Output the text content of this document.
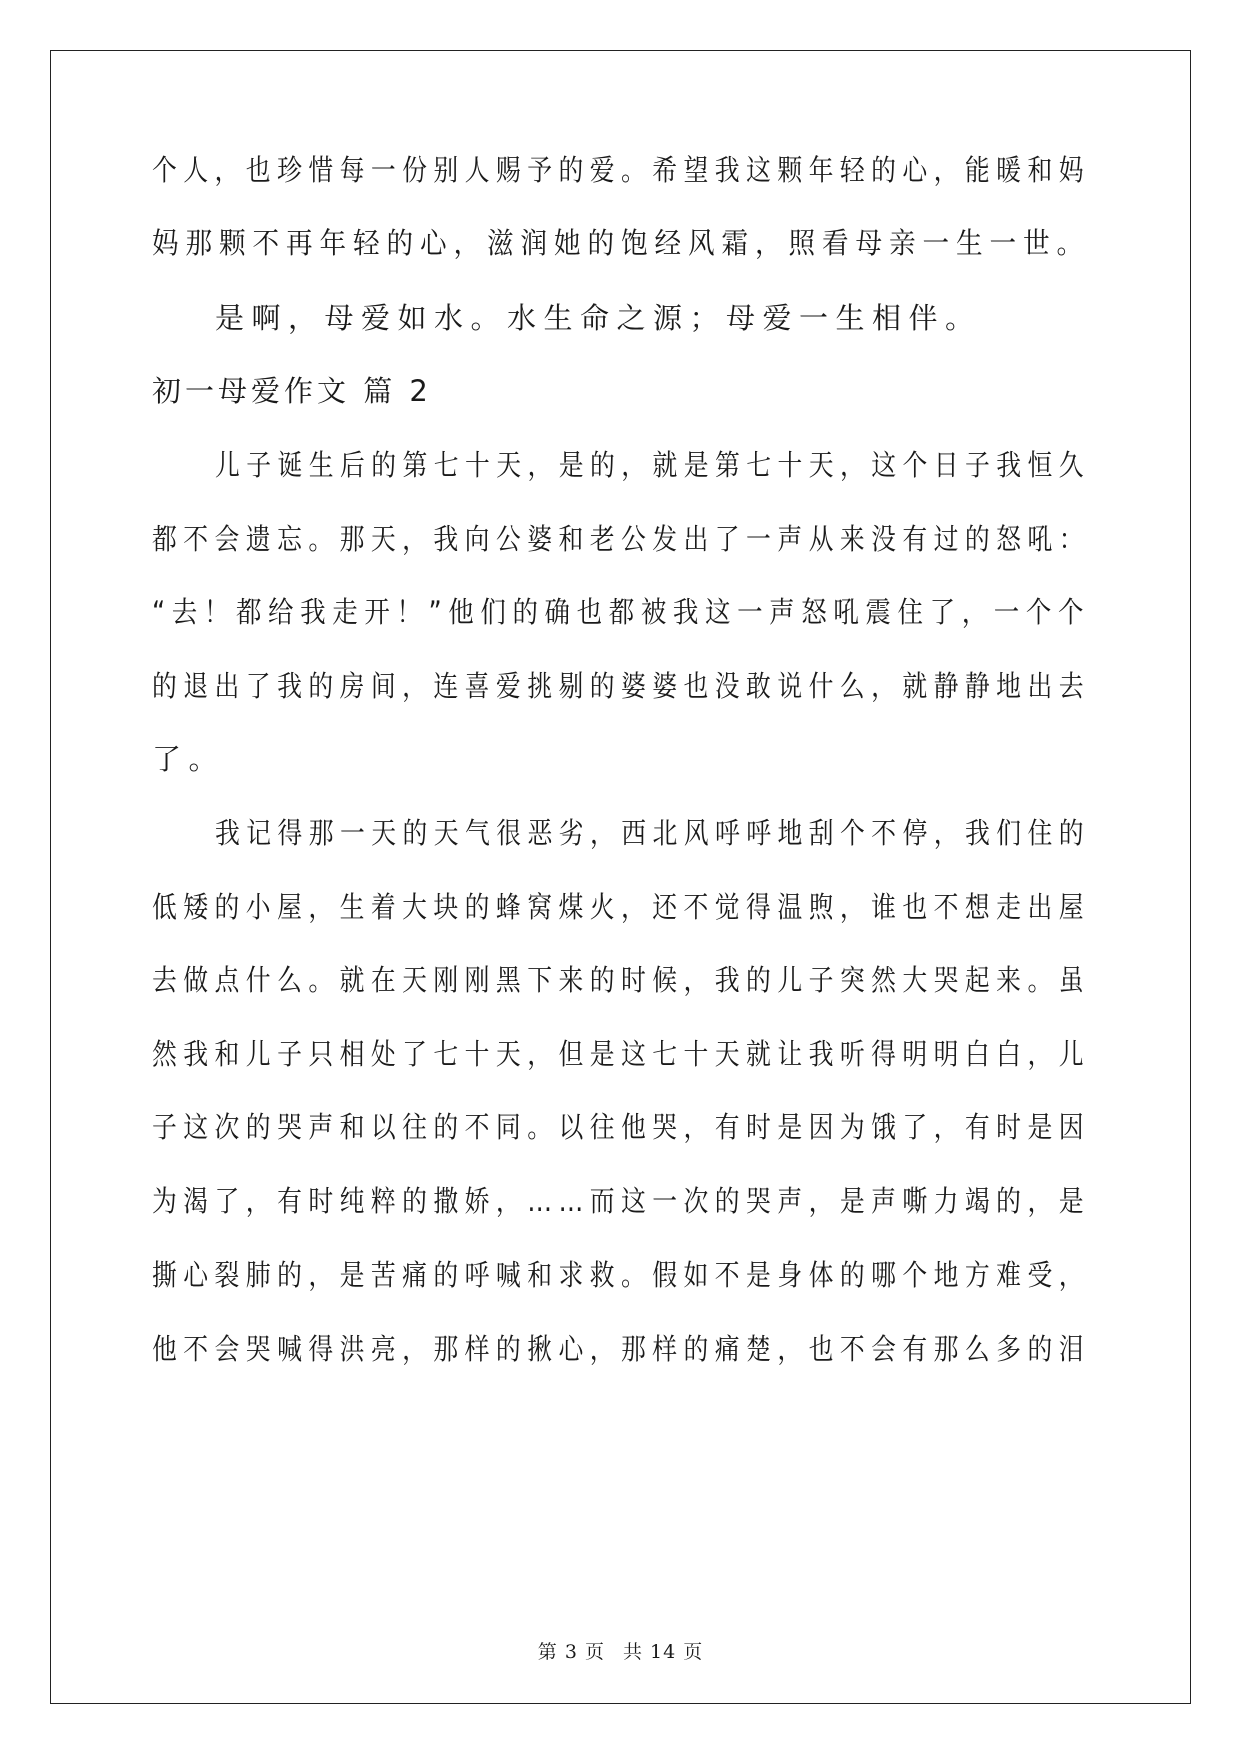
个人，也珍惜每一份别人赐予的爱。希望我这颗年轻的心，能暖和妈
妈那颗不再年轻的心，滋润她的饱经风霜，照看母亲一生一世。
是啊，母爱如水。水生命之源；母爱一生相伴。
初一母爱作文 篇 2
儿子诞生后的第七十天，是的，就是第七十天，这个日子我恒久
都不会遗忘。那天，我向公婆和老公发出了一声从来没有过的怒吼：
“去！都给我走开！”他们的确也都被我这一声怒吼震住了，一个个
的退出了我的房间，连喜爱挑剔的婆婆也没敢说什么，就静静地出去
了。
我记得那一天的天气很恶劣，西北风呼呼地刮个不停，我们住的
低矮的小屋，生着大块的蜂窝煤火，还不觉得温煦，谁也不想走出屋
去做点什么。就在天刚刚黑下来的时候，我的儿子突然大哭起来。虽
然我和儿子只相处了七十天，但是这七十天就让我听得明明白白，儿
子这次的哭声和以往的不同。以往他哭，有时是因为饿了，有时是因
为渴了，有时纯粹的撒娇，……而这一次的哭声，是声嘶力竭的，是
撕心裂肺的，是苦痛的呼喊和求救。假如不是身体的哪个地方难受，
他不会哭喊得洪亮，那样的揪心，那样的痛楚，也不会有那么多的泪
第 3 页 共 14 页
